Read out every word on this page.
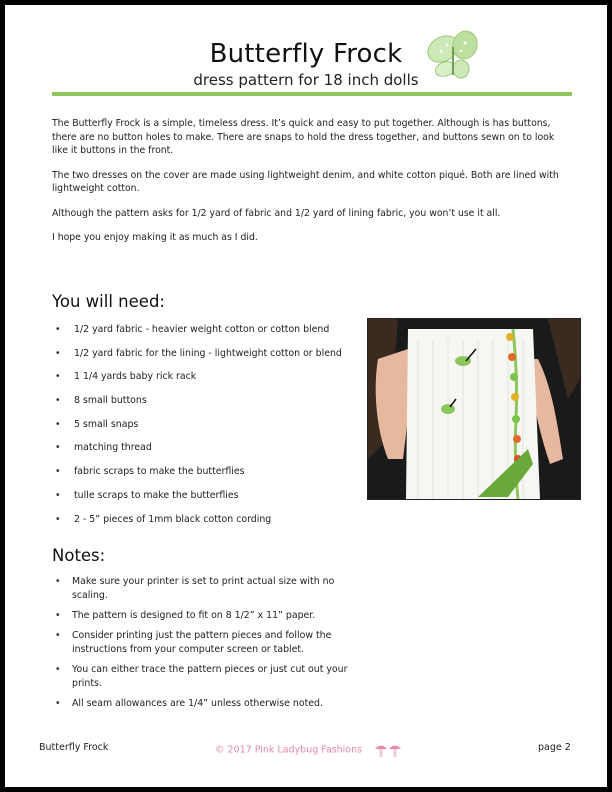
Butterfly Frock
dress pattern for 18 inch dolls

The Butterfly Frock is a simple, timeless dress. It’s quick and easy to put together. Although is has buttons, there are no button holes to make. There are snaps to hold the dress together, and buttons sewn on to look like it buttons in the front.

The two dresses on the cover are made using lightweight denim, and white cotton piqué. Both are lined with lightweight cotton.

Although the pattern asks for 1/2 yard of fabric and 1/2 yard of lining fabric, you won’t use it all.

I hope you enjoy making it as much as I did.

You will need:
• 1/2 yard fabric - heavier weight cotton or cotton blend
• 1/2 yard fabric for the lining - lightweight cotton or blend
• 1 1/4 yards baby rick rack
• 8 small buttons
• 5 small snaps
• matching thread
• fabric scraps to make the butterflies
• tulle scraps to make the butterflies
• 2 - 5” pieces of 1mm black cotton cording
Notes:
• Make sure your printer is set to print actual size with no scaling.
• The pattern is designed to fit on 8 1/2” x 11” paper.
• Consider printing just the pattern pieces and follow the instructions from your computer screen or tablet.
• You can either trace the pattern pieces or just cut out your prints.
• All seam allowances are 1/4” unless otherwise noted.
Butterfly Frock	© 2017 Pink Ladybug Fashions	page 2
